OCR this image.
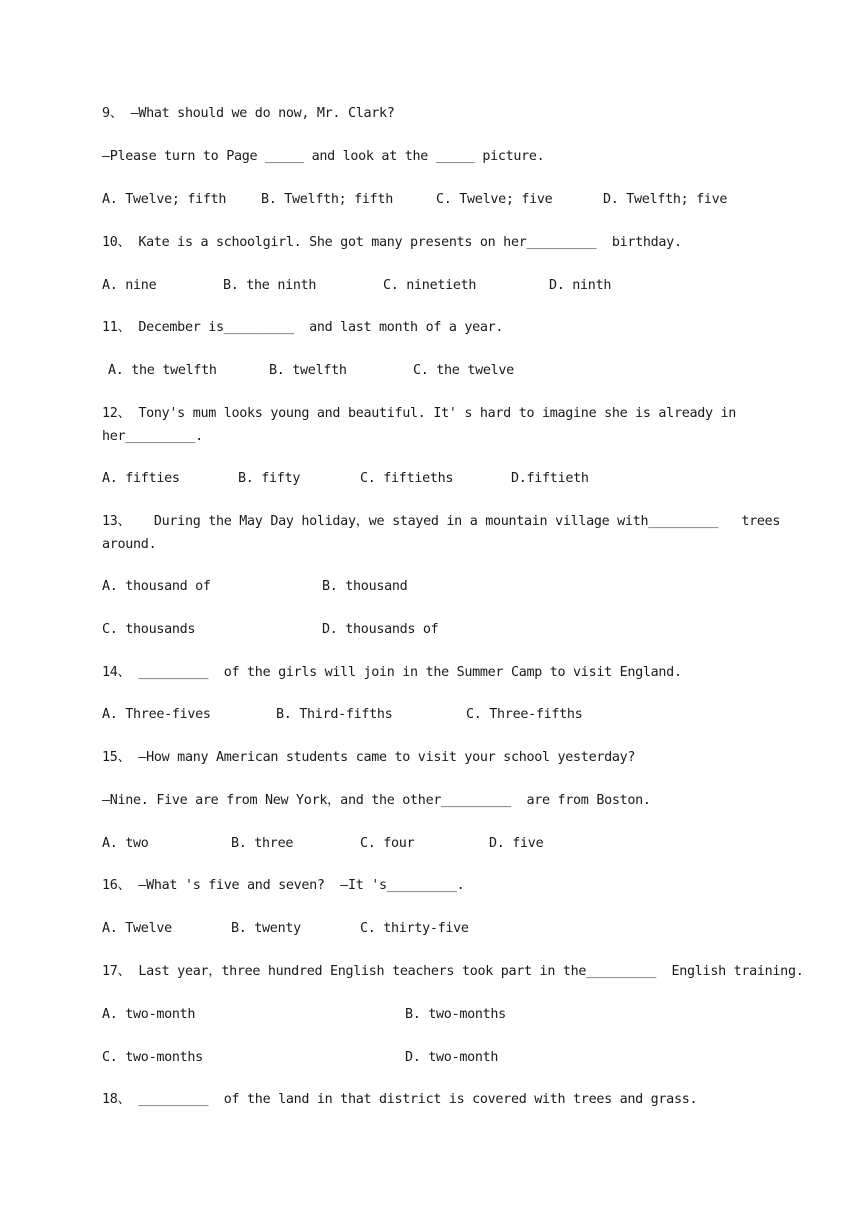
9、 —What should we do now, Mr. Clark?
—Please turn to Page _____ and look at the _____ picture.
A. Twelve; fifth	B. Twelfth; fifth	C. Twelve; five	D. Twelfth; five
10、 Kate is a schoolgirl. She got many presents on her_________  birthday.
A. nine	B. the ninth	C. ninetieth	D. ninth
11、 December is_________  and last month of a year.
A. the twelfth	B. twelfth	C. the twelve
12、 Tony's mum looks young and beautiful. It' s hard to imagine she is already in
her_________.
A. fifties	B. fifty	C. fiftieths	D.fiftieth
13、   During the May Day holiday，we stayed in a mountain village with_________   trees
around.
A. thousand of	B. thousand
C. thousands	D. thousands of
14、 _________  of the girls will join in the Summer Camp to visit England.
A. Three-fives	B. Third-fifths	C. Three-fifths
15、 —How many American students came to visit your school yesterday?
—Nine. Five are from New York，and the other_________  are from Boston.
A. two	B. three	C. four	D. five
16、 —What 's five and seven?  —It 's_________.
A. Twelve	B. twenty	C. thirty-five
17、 Last year，three hundred English teachers took part in the_________  English training.
A. two-month	B. two-months
C. two-months	D. two-month
18、 _________  of the land in that district is covered with trees and grass.
